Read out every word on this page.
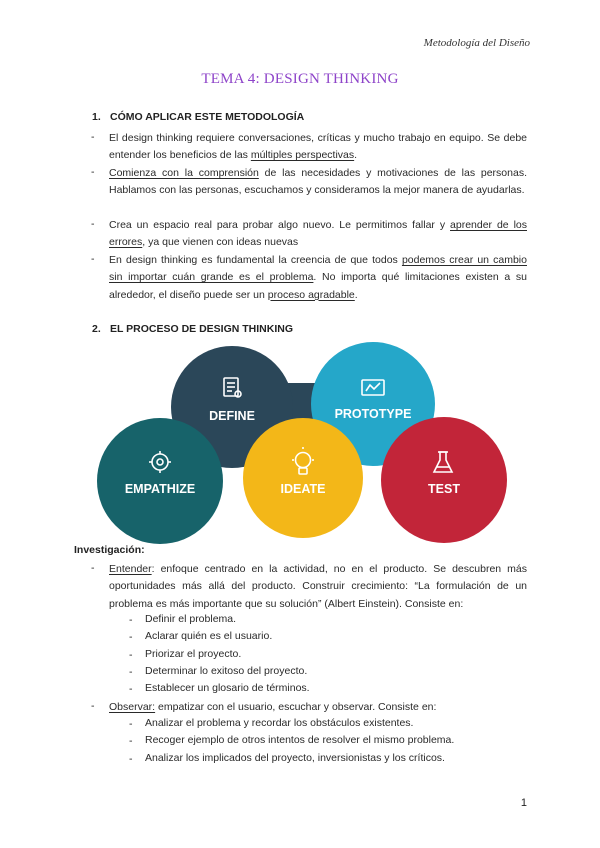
Metodología del Diseño
TEMA 4: DESIGN THINKING
1. CÓMO APLICAR ESTE METODOLOGÍA
- El design thinking requiere conversaciones, críticas y mucho trabajo en equipo. Se debe entender los beneficios de las múltiples perspectivas.
- Comienza con la comprensión de las necesidades y motivaciones de las personas. Hablamos con las personas, escuchamos y consideramos la mejor manera de ayudarlas.
- Crea un espacio real para probar algo nuevo. Le permitimos fallar y aprender de los errores, ya que vienen con ideas nuevas
- En design thinking es fundamental la creencia de que todos podemos crear un cambio sin importar cuán grande es el problema. No importa qué limitaciones existen a su alrededor, el diseño puede ser un proceso agradable.
2. EL PROCESO DE DESIGN THINKING
DEFINE	PROTOTYPE
EMPATHIZE	IDEATE	TEST
Investigación:
- Entender: enfoque centrado en la actividad, no en el producto. Se descubren más oportunidades más allá del producto. Construir crecimiento: “La formulación de un problema es más importante que su solución” (Albert Einstein). Consiste en:
- Definir el problema.
- Aclarar quién es el usuario.
- Priorizar el proyecto.
- Determinar lo exitoso del proyecto.
- Establecer un glosario de términos.
- Observar: empatizar con el usuario, escuchar y observar. Consiste en:
- Analizar el problema y recordar los obstáculos existentes.
- Recoger ejemplo de otros intentos de resolver el mismo problema.
- Analizar los implicados del proyecto, inversionistas y los críticos.
1
